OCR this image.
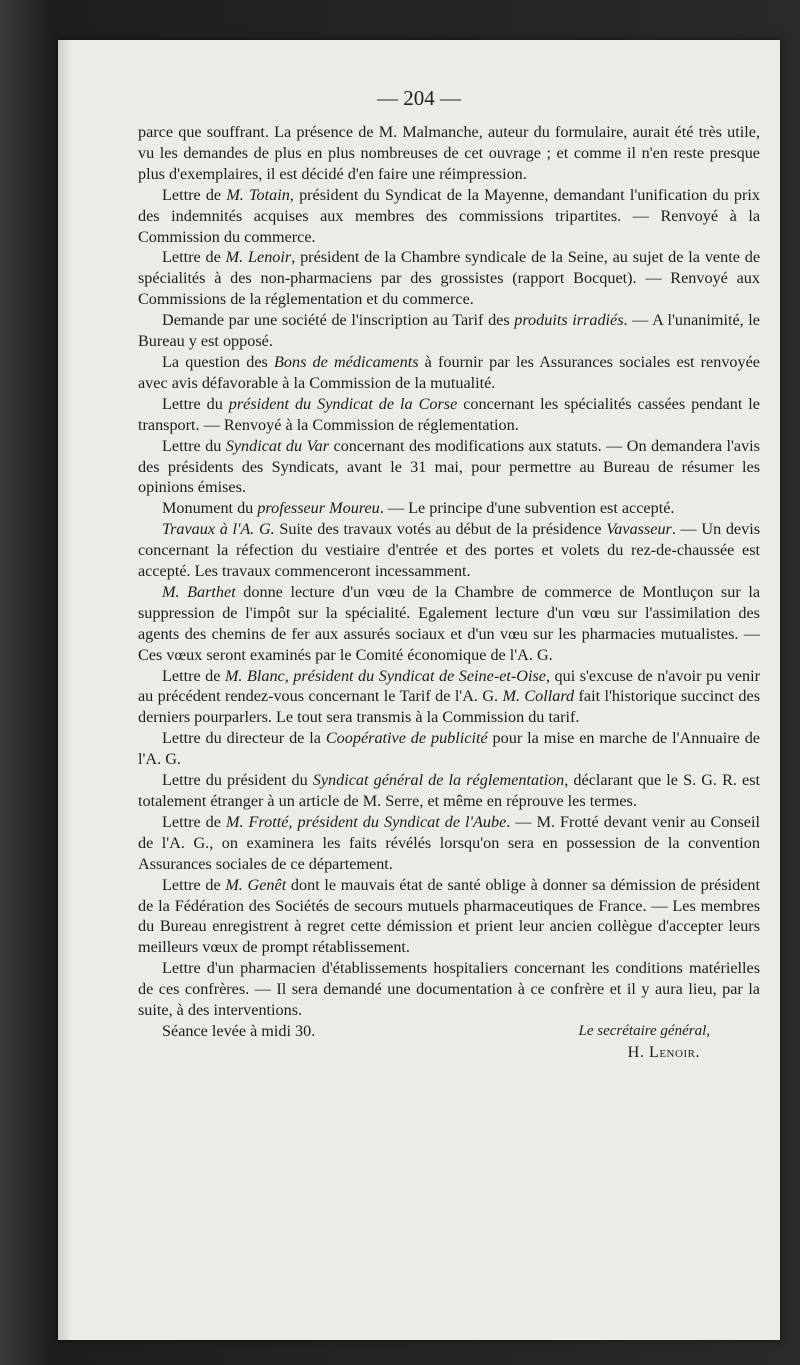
— 204 —

parce que souffrant. La présence de M. Malmanche, auteur du formulaire, aurait été très utile, vu les demandes de plus en plus nombreuses de cet ouvrage ; et comme il n'en reste presque plus d'exemplaires, il est décidé d'en faire une réimpression.

Lettre de M. Totain, président du Syndicat de la Mayenne, demandant l'unification du prix des indemnités acquises aux membres des commissions tripartites. — Renvoyé à la Commission du commerce.

Lettre de M. Lenoir, président de la Chambre syndicale de la Seine, au sujet de la vente de spécialités à des non-pharmaciens par des grossistes (rapport Bocquet). — Renvoyé aux Commissions de la réglementation et du commerce.

Demande par une société de l'inscription au Tarif des produits irradiés. — A l'unanimité, le Bureau y est opposé.

La question des Bons de médicaments à fournir par les Assurances sociales est renvoyée avec avis défavorable à la Commission de la mutualité.

Lettre du président du Syndicat de la Corse concernant les spécialités cassées pendant le transport. — Renvoyé à la Commission de réglementation.

Lettre du Syndicat du Var concernant des modifications aux statuts. — On demandera l'avis des présidents des Syndicats, avant le 31 mai, pour permettre au Bureau de résumer les opinions émises.

Monument du professeur Moureu. — Le principe d'une subvention est accepté.

Travaux à l'A. G. Suite des travaux votés au début de la présidence Vavasseur. — Un devis concernant la réfection du vestiaire d'entrée et des portes et volets du rez-de-chaussée est accepté. Les travaux commenceront incessamment.

M. Barthet donne lecture d'un vœu de la Chambre de commerce de Montluçon sur la suppression de l'impôt sur la spécialité. Egalement lecture d'un vœu sur l'assimilation des agents des chemins de fer aux assurés sociaux et d'un vœu sur les pharmacies mutualistes. — Ces vœux seront examinés par le Comité économique de l'A. G.

Lettre de M. Blanc, président du Syndicat de Seine-et-Oise, qui s'excuse de n'avoir pu venir au précédent rendez-vous concernant le Tarif de l'A. G. M. Collard fait l'historique succinct des derniers pourparlers. Le tout sera transmis à la Commission du tarif.

Lettre du directeur de la Coopérative de publicité pour la mise en marche de l'Annuaire de l'A. G.

Lettre du président du Syndicat général de la réglementation, déclarant que le S. G. R. est totalement étranger à un article de M. Serre, et même en réprouve les termes.

Lettre de M. Frotté, président du Syndicat de l'Aube. — M. Frotté devant venir au Conseil de l'A. G., on examinera les faits révélés lorsqu'on sera en possession de la convention Assurances sociales de ce département.

Lettre de M. Genêt dont le mauvais état de santé oblige à donner sa démission de président de la Fédération des Sociétés de secours mutuels pharmaceutiques de France. — Les membres du Bureau enregistrent à regret cette démission et prient leur ancien collègue d'accepter leurs meilleurs vœux de prompt rétablissement.

Lettre d'un pharmacien d'établissements hospitaliers concernant les conditions matérielles de ces confrères. — Il sera demandé une documentation à ce confrère et il y aura lieu, par la suite, à des interventions.

Séance levée à midi 30.	Le secrétaire général,
H. Lenoir.
